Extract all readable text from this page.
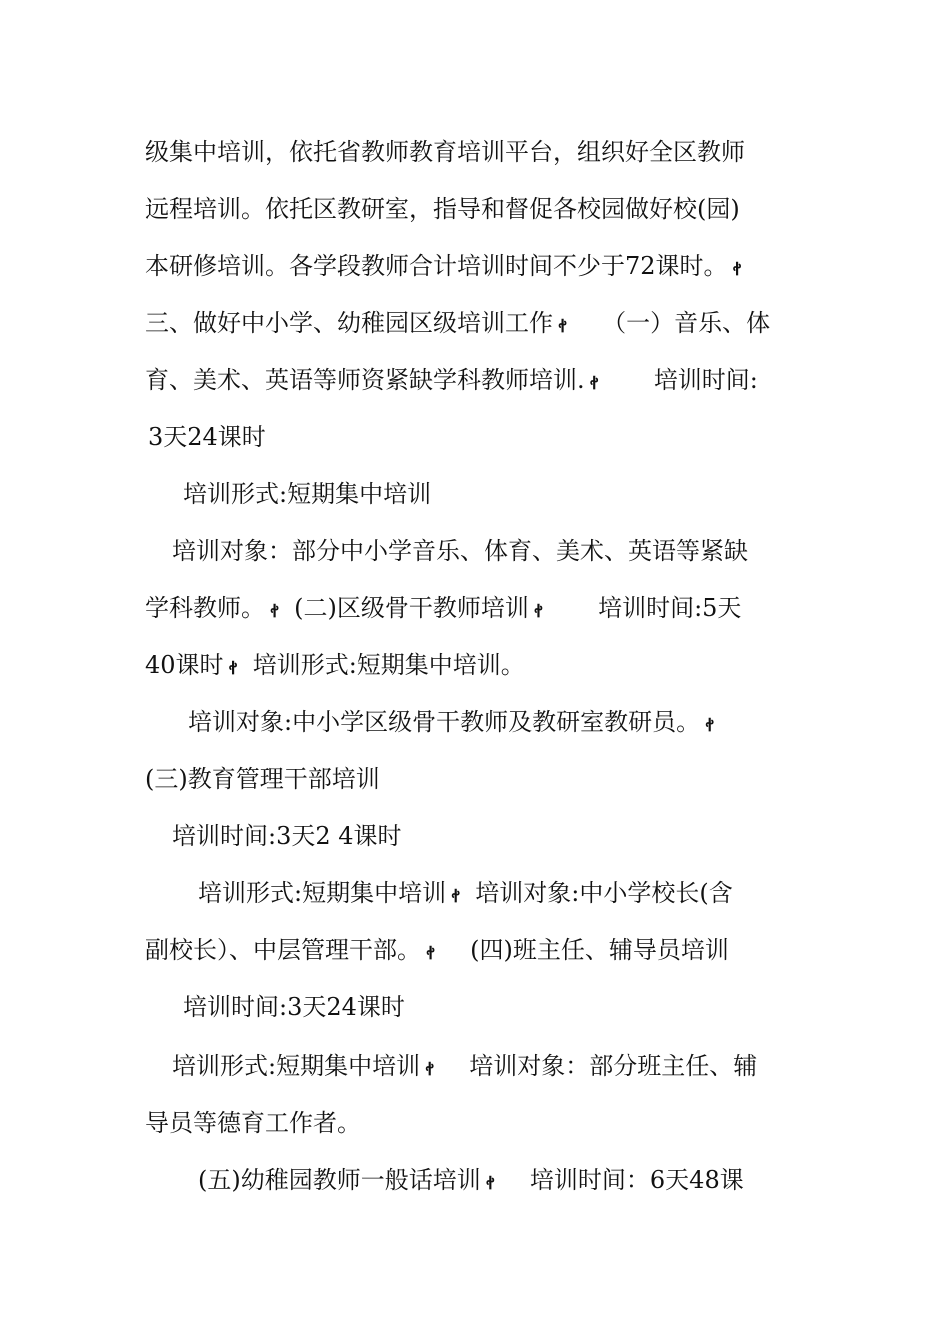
级集中培训，依托省教师教育培训平台，组织好全区教师
远程培训。依托区教研室，指导和督促各校园做好校(园)
本研修培训。各学段教师合计培训时间不少于72课时。 ꬷ
三、做好中小学、幼稚园区级培训工作 ꬷ （一）音乐、体
育、美术、英语等师资紧缺学科教师培训. ꬷ 培训时间:
3天24课时
培训形式:短期集中培训
培训对象：部分中小学音乐、体育、美术、英语等紧缺
学科教师。 ꬷ (二)区级骨干教师培训 ꬷ 培训时间:5天
40课时 ꬷ 培训形式:短期集中培训。
培训对象:中小学区级骨干教师及教研室教研员。 ꬷ
(三)教育管理干部培训
培训时间:3天2 4课时
培训形式:短期集中培训 ꬷ 培训对象:中小学校长(含
副校长）、中层管理干部。 ꬷ (四)班主任、辅导员培训
培训时间:3天24课时
培训形式:短期集中培训 ꬷ 培训对象：部分班主任、辅
导员等德育工作者。
(五)幼稚园教师一般话培训 ꬷ 培训时间：6天48课
